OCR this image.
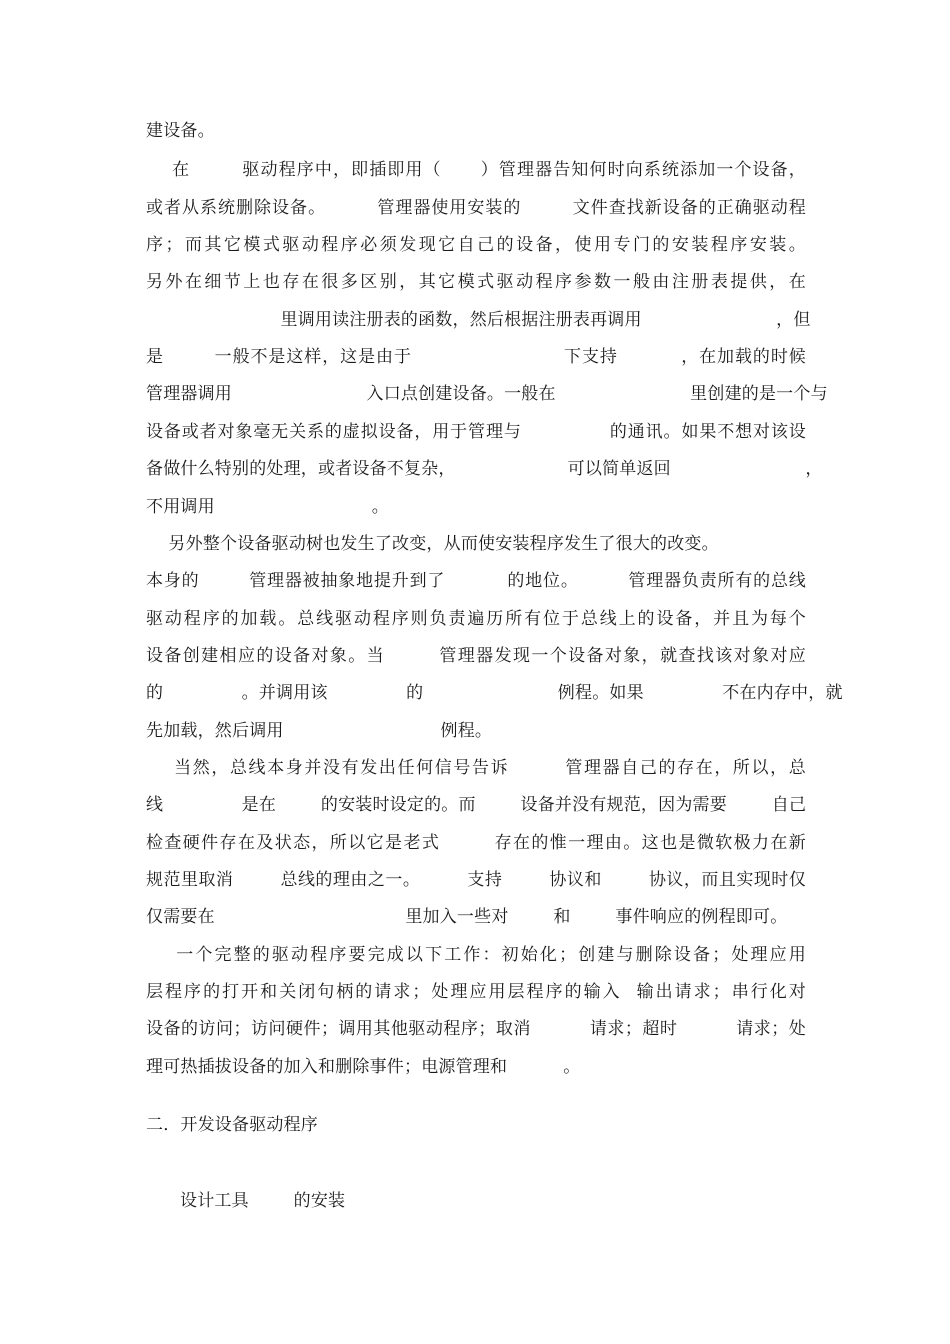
建设备。
在        驱动程序中，即插即用（      ）管理器告知何时向系统添加一个设备，
或者从系统删除设备。        管理器使用安装的        文件查找新设备的正确驱动程
序；而其它模式驱动程序必须发现它自己的设备，使用专门的安装程序安装。
另外在细节上也存在很多区别，其它模式驱动程序参数一般由注册表提供，在
里调用读注册表的函数，然后根据注册表再调用                        ，但
是        一般不是这样，这是由于                        下支持          ，在加载的时候
管理器调用                        入口点创建设备。一般在                        里创建的是一个与
设备或者对象毫无关系的虚拟设备，用于管理与              的通讯。如果不想对该设
备做什么特别的处理，或者设备不复杂，                    可以简单返回                        ，
不用调用                            。
另外整个设备驱动树也发生了改变，从而使安装程序发生了很大的改变。
本身的        管理器被抽象地提升到了          的地位。        管理器负责所有的总线
驱动程序的加载。总线驱动程序则负责遍历所有位于总线上的设备，并且为每个
设备创建相应的设备对象。当        管理器发现一个设备对象，就查找该对象对应
的              。并调用该              的                        例程。如果              不在内存中，就
先加载，然后调用                            例程。
当然，总线本身并没有发出任何信号告诉        管理器自己的存在，所以，总
线              是在        的安装时设定的。而        设备并没有规范，因为需要        自己
检查硬件存在及状态，所以它是老式        存在的惟一理由。这也是微软极力在新
规范里取消        总线的理由之一。        支持        协议和        协议，而且实现时仅
仅需要在                                  里加入一些对        和        事件响应的例程即可。
一个完整的驱动程序要完成以下工作：初始化；创建与删除设备；处理应用
层程序的打开和关闭句柄的请求；处理应用层程序的输入  输出请求；串行化对
设备的访问；访问硬件；调用其他驱动程序；取消          请求；超时          请求；处
理可热插拔设备的加入和删除事件；电源管理和          。
二．开发设备驱动程序
设计工具        的安装
